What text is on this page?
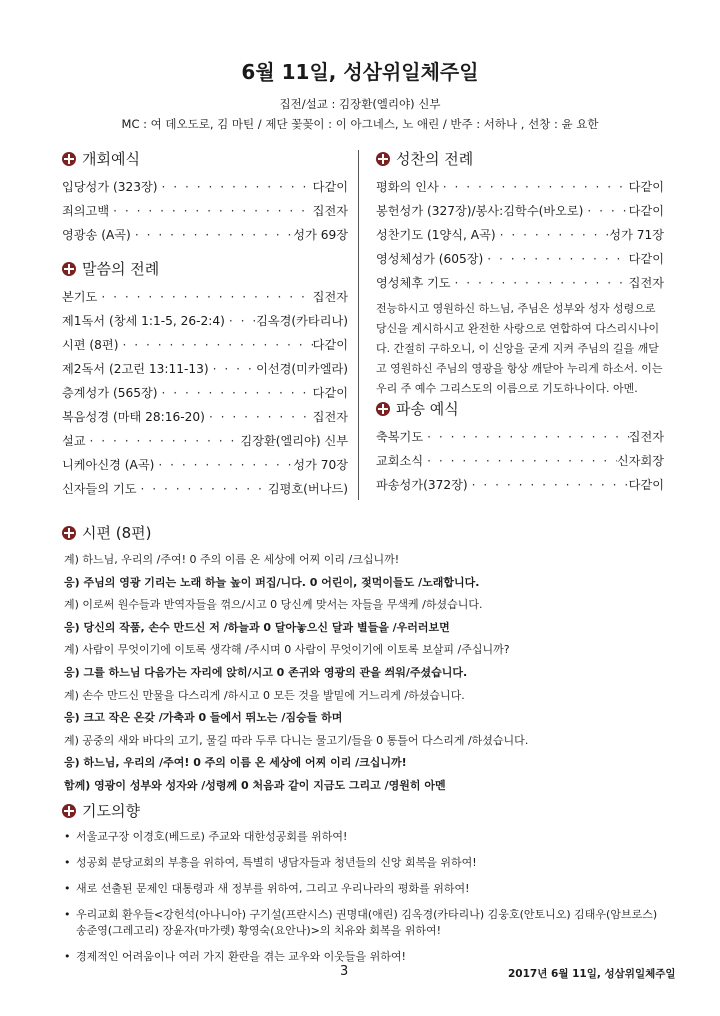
6월 11일, 성삼위일체주일
집전/설교 : 김장환(엘리야) 신부
MC : 여 데오도로, 김 마틴 / 제단 꽃꽂이 : 이 아그네스, 노 애린 / 반주 : 서하나 , 선창 : 윤 요한
개회예식
입당성가 (323장) · · ·	다같이
죄의고백 · · ·	집전자
영광송 (A곡) · · ·	성가 69장
말씀의 전례
본기도 · · ·	집전자
제1독서 (창세 1:1-5, 26-2:4) · · ·	김옥경(카타리나)
시편 (8편) · · ·	다같이
제2독서 (2고린 13:11-13) · · ·	이선경(미카엘라)
층계성가 (565장) · · ·	다같이
복음성경 (마태 28:16-20) · · ·	집전자
설교 · · ·	김장환(엘리야) 신부
니케아신경 (A곡) · · ·	성가 70장
신자들의 기도 · · ·	김평호(버나드)
성찬의 전례
평화의 인사 · · ·	다같이
봉헌성가 (327장)/봉사:김학수(바오로) · · ·	다같이
성찬기도 (1양식, A곡) · · ·	성가 71장
영성체성가 (605장) · · ·	다같이
영성체후 기도 · · ·	집전자
전능하시고 영원하신 하느님, 주님은 성부와 성자 성령으로 당신을 계시하시고 완전한 사랑으로 연합하여 다스리시나이다. 간절히 구하오니, 이 신앙을 굳게 지켜 주님의 길을 깨닫고 영원하신 주님의 영광을 항상 깨닫아 누리게 하소서. 이는 우리 주 예수 그리스도의 이름으로 기도하나이다. 아멘.
파송 예식
축복기도 · · ·	집전자
교회소식 · · ·	신자회장
파송성가(372장) · · ·	다같이
시편 (8편)
계) 하느님, 우리의 /주여! 0 주의 이름 온 세상에 어찌 이리 /크십니까!
응) 주님의 영광 기리는 노래 하늘 높이 퍼집/니다. 0 어린이, 젖먹이들도 /노래합니다.
계) 이로써 원수들과 반역자들을 꺾으/시고 0 당신께 맞서는 자들을 무색케 /하셨습니다.
응) 당신의 작품, 손수 만드신 저 /하늘과 0 달아놓으신 달과 별들을 /우러러보면
계) 사람이 무엇이기에 이토록 생각해 /주시며 0 사람이 무엇이기에 이토록 보살피 /주십니까?
응) 그를 하느님 다음가는 자리에 앉히/시고 0 존귀와 영광의 관을 씌워/주셨습니다.
계) 손수 만드신 만물을 다스리게 /하시고 0 모든 것을 발밑에 거느리게 /하셨습니다.
응) 크고 작은 온갖 /가축과 0 들에서 뛰노는 /짐승들 하며
계) 공중의 새와 바다의 고기, 물길 따라 두루 다니는 물고기/들을 0 통틀어 다스리게 /하셨습니다.
응) 하느님, 우리의 /주여! 0 주의 이름 온 세상에 어찌 이리 /크십니까!
함께) 영광이 성부와 성자와 /성령께 0 처음과 같이 지금도 그리고 /영원히 아멘
기도의향
• 서울교구장 이경호(베드로) 주교와 대한성공회를 위하여!
• 성공회 분당교회의 부흥을 위하여, 특별히 냉담자들과 청년들의 신앙 회복을 위하여!
• 새로 선출된 문제인 대통령과 새 정부를 위하여, 그리고 우리나라의 평화를 위하여!
• 우리교회 환우들<강헌석(아나니아) 구기설(프란시스) 권명대(애린) 김옥경(카타리나) 김웅호(안토니오) 김태우(암브로스) 송준영(그레고리) 장윤자(마가렛) 황영숙(요안나)>의 치유와 회복을 위하여!
• 경제적인 어려움이나 여러 가지 환란을 겪는 교우와 이웃들을 위하여!
3	2017년 6월 11일, 성삼위일체주일
